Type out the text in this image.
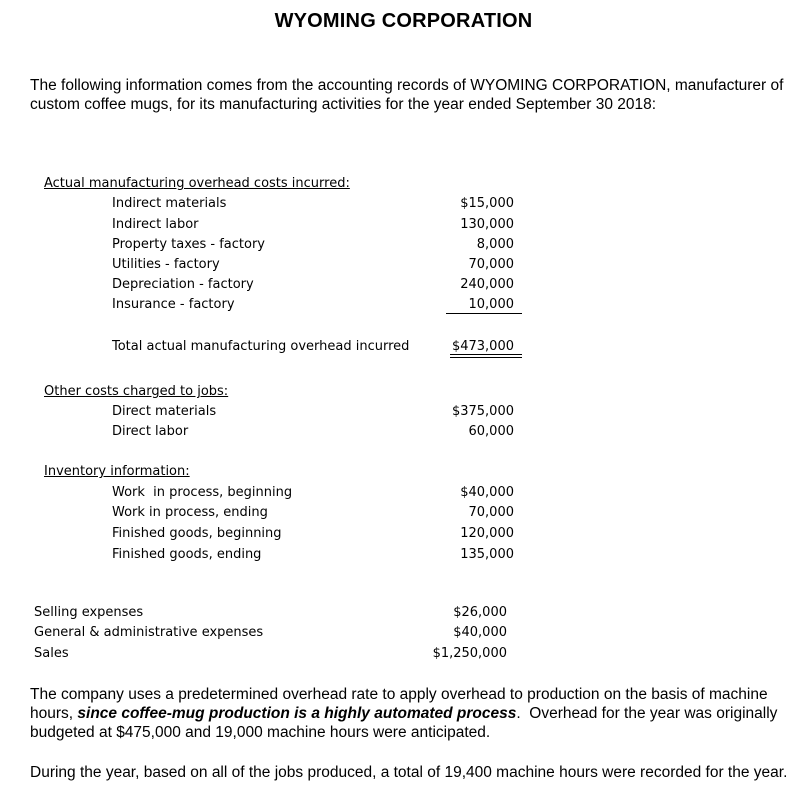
WYOMING CORPORATION
The following information comes from the accounting records of WYOMING CORPORATION, manufacturer of custom coffee mugs, for its manufacturing activities for the year ended September 30 2018:
Actual manufacturing overhead costs incurred:
Indirect materials	$15,000
Indirect labor	130,000
Property taxes - factory	8,000
Utilities - factory	70,000
Depreciation - factory	240,000
Insurance - factory	10,000
Total actual manufacturing overhead incurred	$473,000
Other costs charged to jobs:
Direct materials	$375,000
Direct labor	60,000
Inventory information:
Work  in process, beginning	$40,000
Work in process, ending	70,000
Finished goods, beginning	120,000
Finished goods, ending	135,000
Selling expenses	$26,000
General & administrative expenses	$40,000
Sales	$1,250,000
The company uses a predetermined overhead rate to apply overhead to production on the basis of machine hours, since coffee-mug production is a highly automated process.  Overhead for the year was originally budgeted at $475,000 and 19,000 machine hours were anticipated.
During the year, based on all of the jobs produced, a total of 19,400 machine hours were recorded for the year.
